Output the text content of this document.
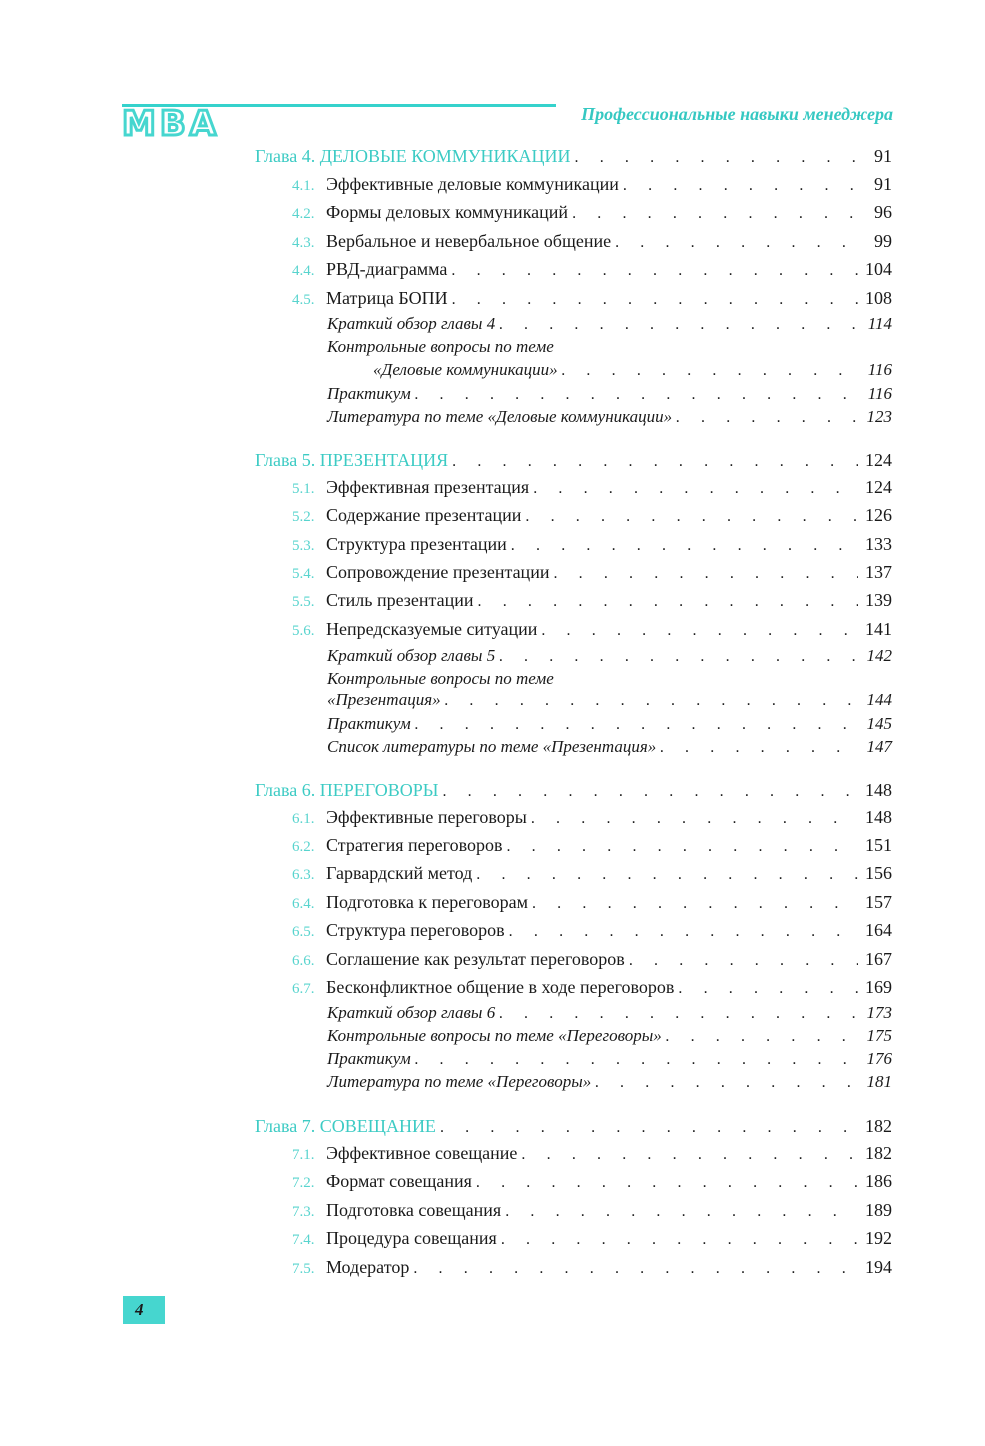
MBA	Профессиональные навыки менеджера
Глава 4. ДЕЛОВЫЕ КОММУНИКАЦИИ . . .	91
4.1. Эффективные деловые коммуникации . . .	91
4.2. Формы деловых коммуникаций . . .	96
4.3. Вербальное и невербальное общение . . .	99
4.4. РВД-диаграмма . . .	104
4.5. Матрица БОПИ . . .	108
Краткий обзор главы 4 . . .	114
Контрольные вопросы по теме
«Деловые коммуникации» . . .	116
Практикум . . .	116
Литература по теме «Деловые коммуникации» . . .	123
Глава 5. ПРЕЗЕНТАЦИЯ . . .	124
5.1. Эффективная презентация . . .	124
5.2. Содержание презентации . . .	126
5.3. Структура презентации . . .	133
5.4. Сопровождение презентации . . .	137
5.5. Стиль презентации . . .	139
5.6. Непредсказуемые ситуации . . .	141
Краткий обзор главы 5 . . .	142
Контрольные вопросы по теме
«Презентация» . . .	144
Практикум . . .	145
Список литературы по теме «Презентация» . . .	147
Глава 6. ПЕРЕГОВОРЫ . . .	148
6.1. Эффективные переговоры . . .	148
6.2. Стратегия переговоров . . .	151
6.3. Гарвардский метод . . .	156
6.4. Подготовка к переговорам . . .	157
6.5. Структура переговоров . . .	164
6.6. Соглашение как результат переговоров . . .	167
6.7. Бесконфликтное общение в ходе переговоров . . .	169
Краткий обзор главы 6 . . .	173
Контрольные вопросы по теме «Переговоры» . . .	175
Практикум . . .	176
Литература по теме «Переговоры» . . .	181
Глава 7. СОВЕЩАНИЕ . . .	182
7.1. Эффективное совещание . . .	182
7.2. Формат совещания . . .	186
7.3. Подготовка совещания . . .	189
7.4. Процедура совещания . . .	192
7.5. Модератор . . .	194
4
